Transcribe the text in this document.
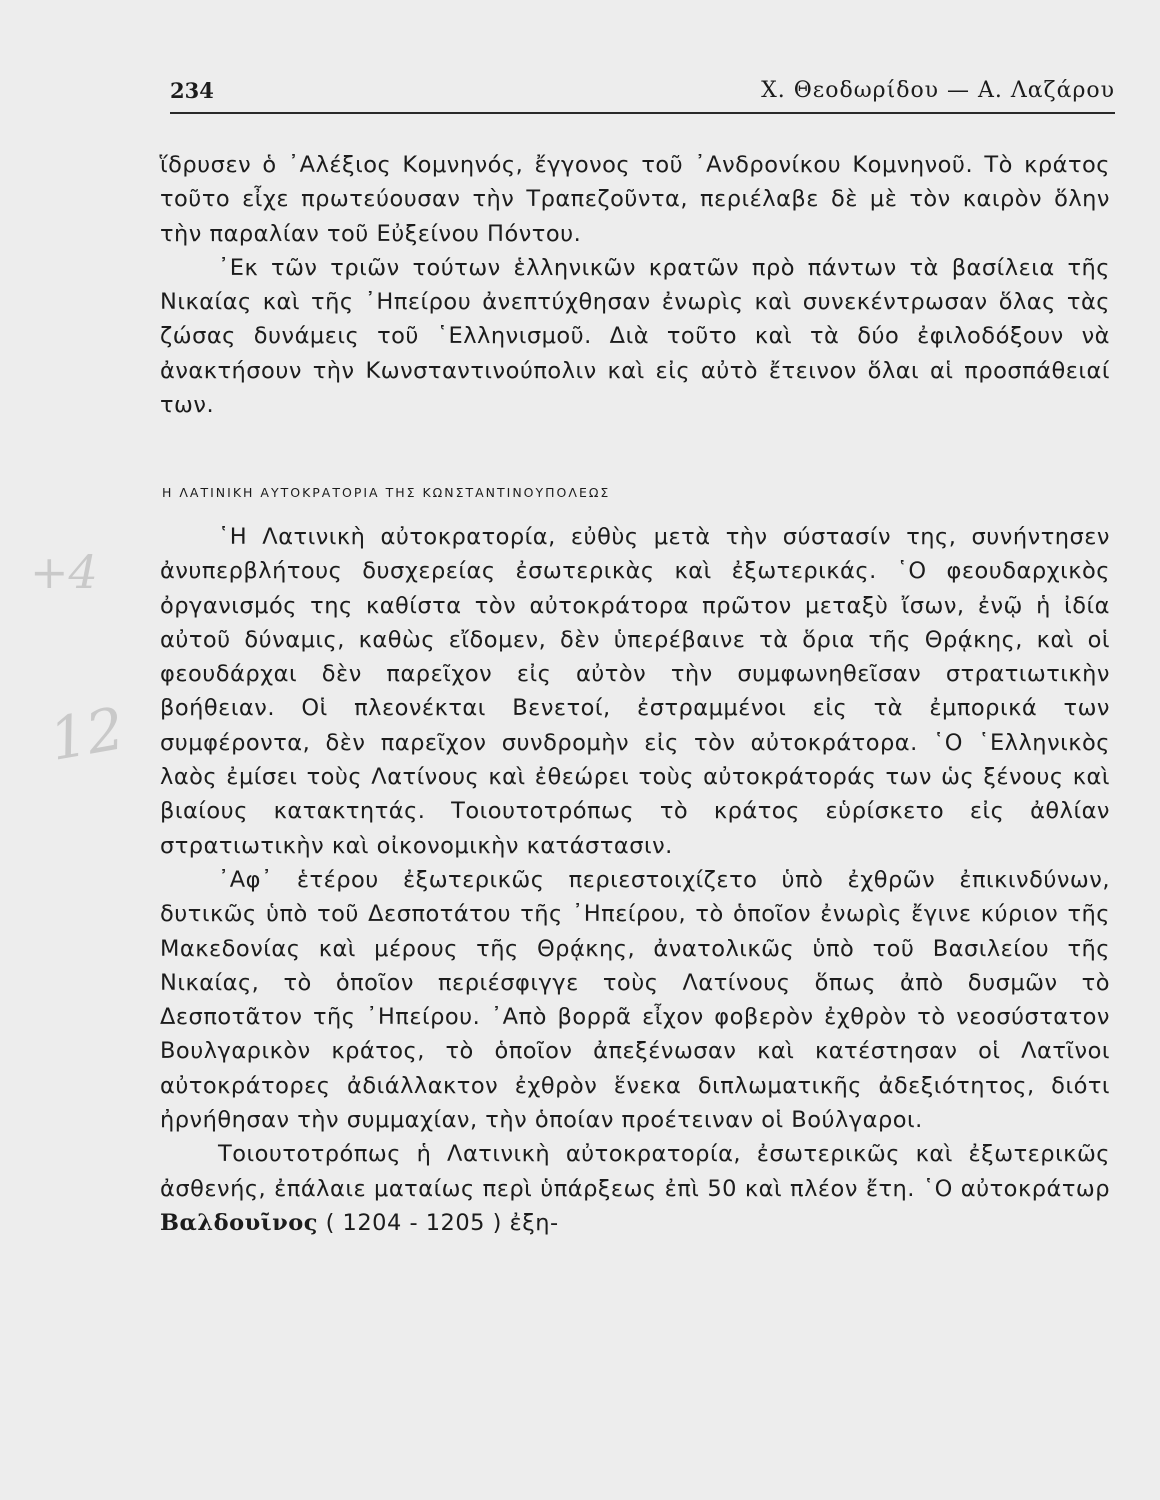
234	Χ. Θεοδωρίδου — Α. Λαζάρου

ἵδρυσεν ὁ ᾿Αλέξιος Κομνηνός, ἔγγονος τοῦ ᾿Ανδρονίκου Κομνηνοῦ. Τὸ κράτος τοῦτο εἶχε πρωτεύουσαν τὴν Τραπεζοῦντα, περιέλαβε δὲ μὲ τὸν καιρὸν ὅλην τὴν παραλίαν τοῦ Εὐξείνου Πόντου.

᾿Εκ τῶν τριῶν τούτων ἑλληνικῶν κρατῶν πρὸ πάντων τὰ βασίλεια τῆς Νικαίας καὶ τῆς ᾿Ηπείρου ἀνεπτύχθησαν ἐνωρὶς καὶ συνεκέντρωσαν ὅλας τὰς ζώσας δυνάμεις τοῦ ῾Ελληνισμοῦ. Διὰ τοῦτο καὶ τὰ δύο ἐφιλοδόξουν νὰ ἀνακτήσουν τὴν Κωνσταντινούπολιν καὶ εἰς αὐτὸ ἔτεινον ὅλαι αἱ προσπάθειαί των.

Η ΛΑΤΙΝΙΚΗ ΑΥΤΟΚΡΑΤΟΡΙΑ ΤΗΣ ΚΩΝΣΤΑΝΤΙΝΟΥΠΟΛΕΩΣ

῾Η Λατινικὴ αὐτοκρατορία, εὐθὺς μετὰ τὴν σύστασίν της, συνήντησεν ἀνυπερβλήτους δυσχερείας ἐσωτερικὰς καὶ ἐξωτερικάς. ῾Ο φεουδαρχικὸς ὀργανισμός της καθίστα τὸν αὐτοκράτορα πρῶτον μεταξὺ ἴσων, ἐνῷ ἡ ἰδία αὐτοῦ δύναμις, καθὼς εἴδομεν, δὲν ὑπερέβαινε τὰ ὅρια τῆς Θρᾴκης, καὶ οἱ φεουδάρχαι δὲν παρεῖχον εἰς αὐτὸν τὴν συμφωνηθεῖσαν στρατιωτικὴν βοήθειαν. Οἱ πλεονέκται Βενετοί, ἐστραμμένοι εἰς τὰ ἐμπορικά των συμφέροντα, δὲν παρεῖχον συνδρομὴν εἰς τὸν αὐτοκράτορα. ῾Ο ῾Ελληνικὸς λαὸς ἐμίσει τοὺς Λατίνους καὶ ἐθεώρει τοὺς αὐτοκράτοράς των ὡς ξένους καὶ βιαίους κατακτητάς. Τοιουτοτρόπως τὸ κράτος εὑρίσκετο εἰς ἀθλίαν στρατιωτικὴν καὶ οἰκονομικὴν κατάστασιν.

᾿Αφ᾿ ἑτέρου ἐξωτερικῶς περιεστοιχίζετο ὑπὸ ἐχθρῶν ἐπικινδύνων, δυτικῶς ὑπὸ τοῦ Δεσποτάτου τῆς ᾿Ηπείρου, τὸ ὁποῖον ἐνωρὶς ἔγινε κύριον τῆς Μακεδονίας καὶ μέρους τῆς Θρᾴκης, ἀνατολικῶς ὑπὸ τοῦ Βασιλείου τῆς Νικαίας, τὸ ὁποῖον περιέσφιγγε τοὺς Λατίνους ὅπως ἀπὸ δυσμῶν τὸ Δεσποτᾶτον τῆς ᾿Ηπείρου. ᾿Απὸ βορρᾶ εἶχον φοβερὸν ἐχθρὸν τὸ νεοσύστατον Βουλγαρικὸν κράτος, τὸ ὁποῖον ἀπεξένωσαν καὶ κατέστησαν οἱ Λατῖνοι αὐτοκράτορες ἀδιάλλακτον ἐχθρὸν ἕνεκα διπλωματικῆς ἀδεξιότητος, διότι ἠρνήθησαν τὴν συμμαχίαν, τὴν ὁποίαν προέτειναν οἱ Βούλγαροι.

Τοιουτοτρόπως ἡ Λατινικὴ αὐτοκρατορία, ἐσωτερικῶς καὶ ἐξωτερικῶς ἀσθενής, ἐπάλαιε ματαίως περὶ ὑπάρξεως ἐπὶ 50 καὶ πλέον ἔτη. ῾Ο αὐτοκράτωρ Βαλδουῖνος ( 1204 - 1205 ) ἐξη-

+4
12
